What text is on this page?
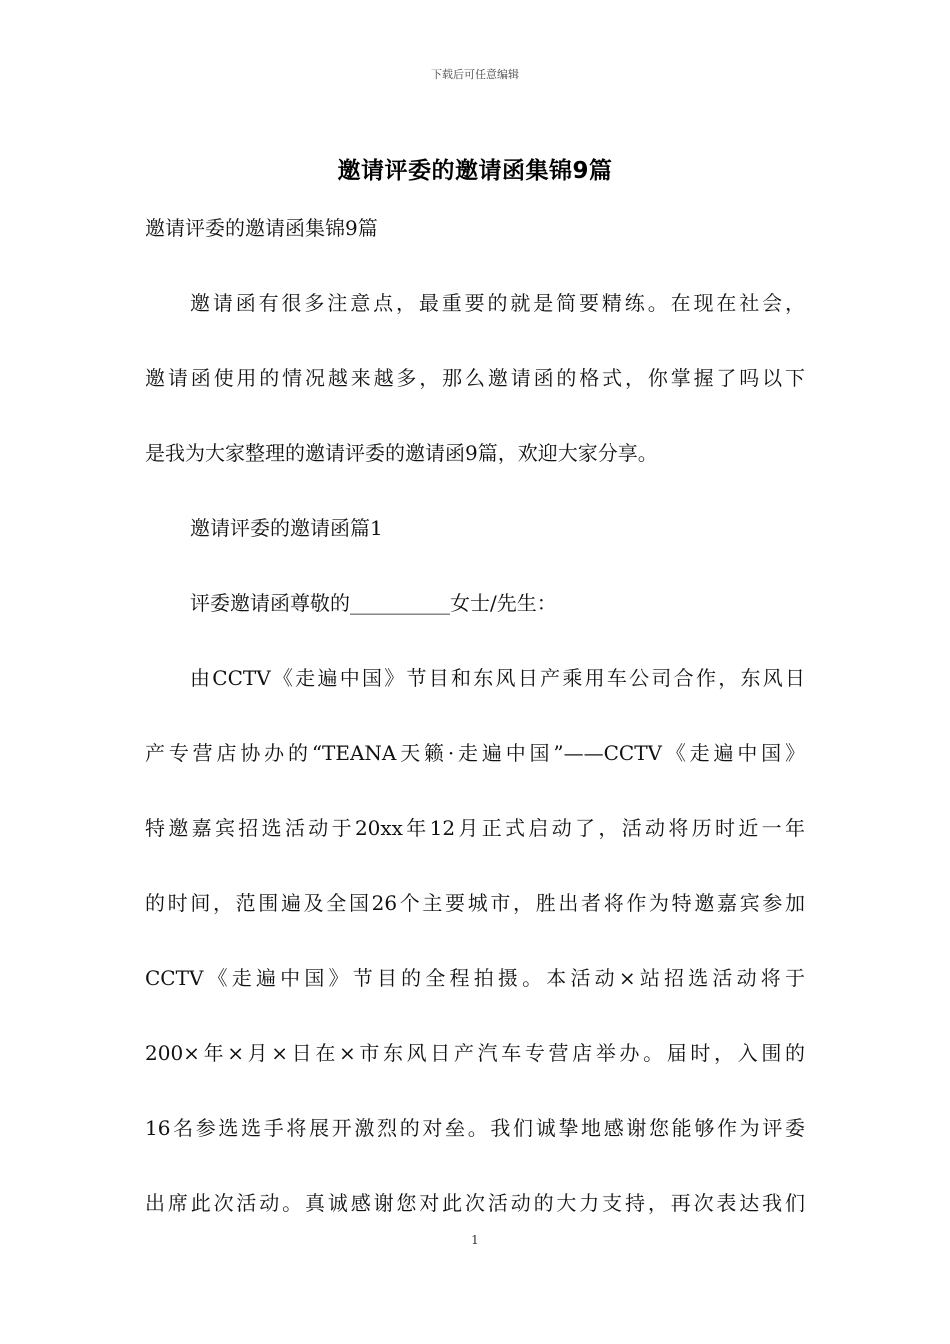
下载后可任意编辑
邀请评委的邀请函集锦9篇
邀请评委的邀请函集锦9篇
邀请函有很多注意点，最重要的就是简要精练。在现在社会，
邀请函使用的情况越来越多，那么邀请函的格式，你掌握了吗以下
是我为大家整理的邀请评委的邀请函9篇，欢迎大家分享。
邀请评委的邀请函篇1
评委邀请函尊敬的__________女士/先生：
由CCTV《走遍中国》节目和东风日产乘用车公司合作，东风日
产专营店协办的“TEANA天籁·走遍中国”——CCTV《走遍中国》
特邀嘉宾招选活动于20xx年12月正式启动了，活动将历时近一年
的时间，范围遍及全国26个主要城市，胜出者将作为特邀嘉宾参加
CCTV《走遍中国》节目的全程拍摄。本活动×站招选活动将于
200×年×月×日在×市东风日产汽车专营店举办。届时，入围的
16名参选选手将展开激烈的对垒。我们诚挚地感谢您能够作为评委
出席此次活动。真诚感谢您对此次活动的大力支持，再次表达我们
1
